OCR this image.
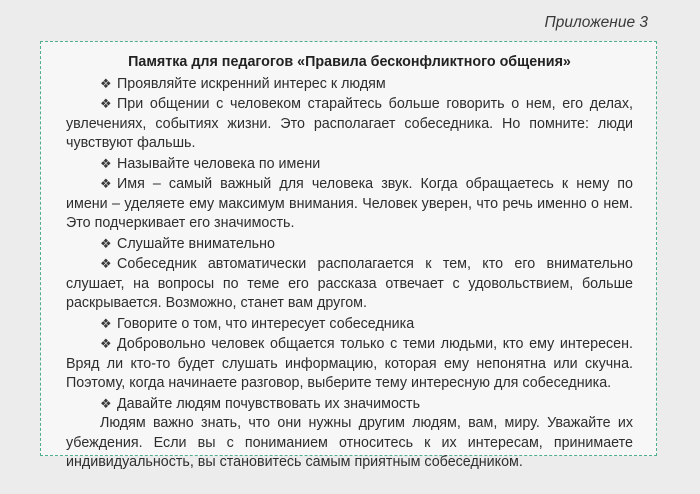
Приложение 3

Памятка для педагогов «Правила бесконфликтного общения»

❖ Проявляйте искренний интерес к людям

❖ При общении с человеком старайтесь больше говорить о нем, его делах, увлечениях, событиях жизни. Это располагает собеседника. Но помните: люди чувствуют фальшь.

❖ Называйте человека по имени

❖ Имя – самый важный для человека звук. Когда обращаетесь к нему по имени – уделяете ему максимум внимания. Человек уверен, что речь именно о нем. Это подчеркивает его значимость.

❖ Слушайте внимательно

❖ Собеседник автоматически располагается к тем, кто его внимательно слушает, на вопросы по теме его рассказа отвечает с удовольствием, больше раскрывается. Возможно, станет вам другом.

❖ Говорите о том, что интересует собеседника

❖ Добровольно человек общается только с теми людьми, кто ему интересен. Вряд ли кто-то будет слушать информацию, которая ему непонятна или скучна. Поэтому, когда начинаете разговор, выберите тему интересную для собеседника.

❖ Давайте людям почувствовать их значимость

Людям важно знать, что они нужны другим людям, вам, миру. Уважайте их убеждения. Если вы с пониманием относитесь к их интересам, принимаете индивидуальность, вы становитесь самым приятным собеседником.
